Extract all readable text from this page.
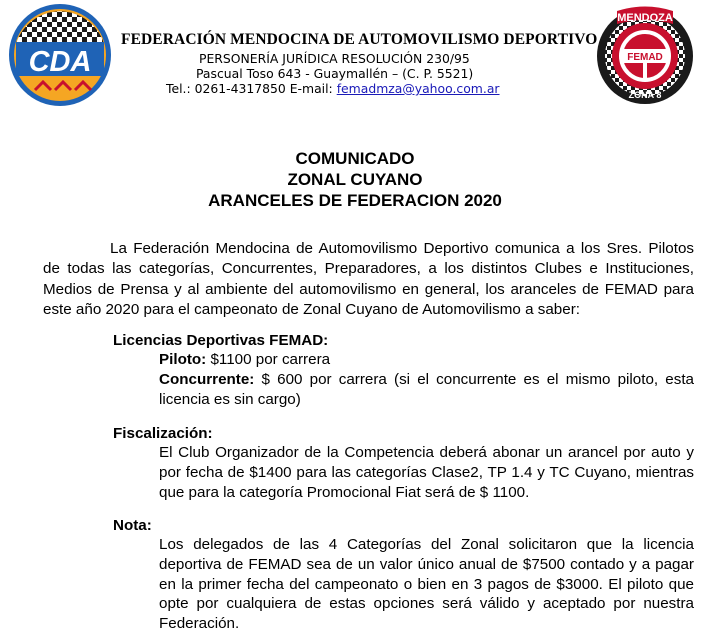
CDA	FEMAD
MENDOZA
ZONA 8
FEDERACIÓN MENDOCINA DE AUTOMOVILISMO DEPORTIVO
PERSONERÍA JURÍDICA RESOLUCIÓN 230/95
Pascual Toso 643 - Guaymallén – (C. P. 5521)
Tel.: 0261-4317850 E-mail: femadmza@yahoo.com.ar
COMUNICADO
ZONAL CUYANO
ARANCELES DE FEDERACION 2020
La Federación Mendocina de Automovilismo Deportivo comunica a los Sres. Pilotos de todas las categorías, Concurrentes, Preparadores, a los distintos Clubes e Instituciones, Medios de Prensa y al ambiente del automovilismo en general, los aranceles de FEMAD para este año 2020 para el campeonato de Zonal Cuyano de Automovilismo a saber:
Licencias Deportivas FEMAD:
Piloto: $1100 por carrera
Concurrente: $ 600 por carrera (si el concurrente es el mismo piloto, esta licencia es sin cargo)
Fiscalización:
El Club Organizador de la Competencia deberá abonar un arancel por auto y por fecha de $1400 para las categorías Clase2, TP 1.4 y TC Cuyano, mientras que para la categoría Promocional Fiat será de $ 1100.
Nota:
Los delegados de las 4 Categorías del Zonal solicitaron que la licencia deportiva de FEMAD sea de un valor único anual de $7500 contado y a pagar en la primer fecha del campeonato o bien en 3 pagos de $3000. El piloto que opte por cualquiera de estas opciones será válido y aceptado por nuestra Federación.
